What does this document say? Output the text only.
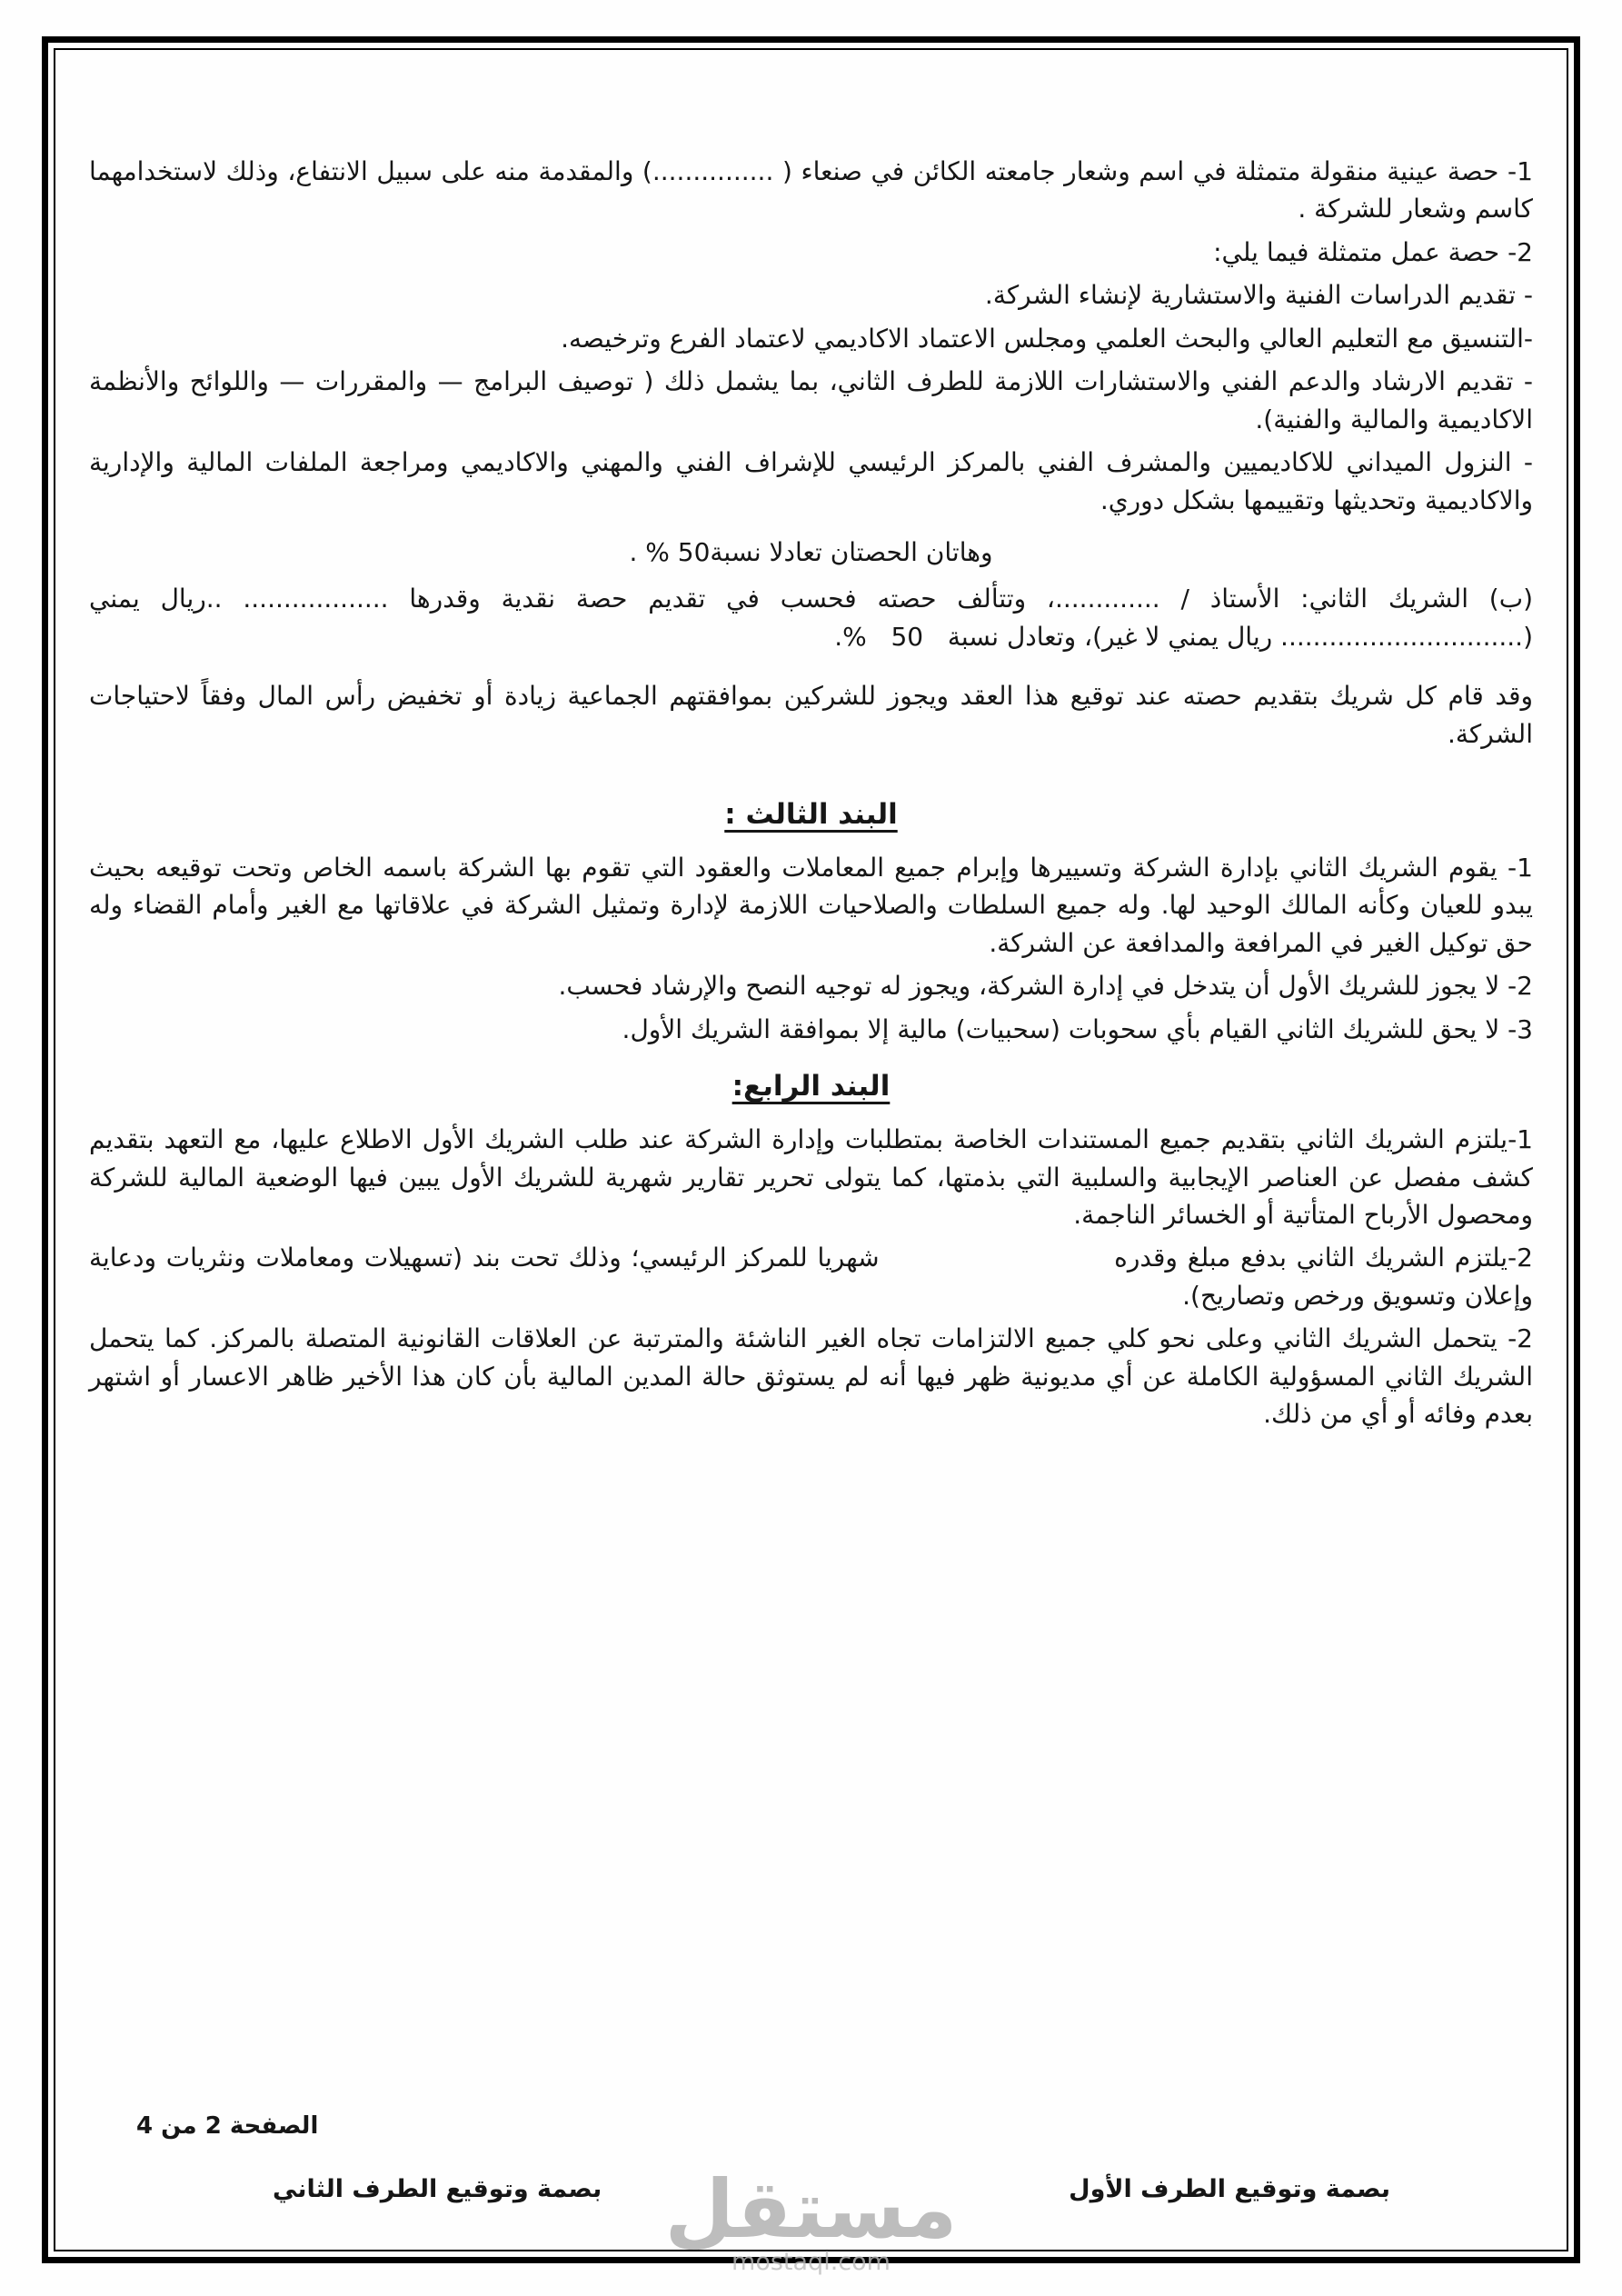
1- حصة عينية منقولة متمثلة في اسم وشعار جامعته الكائن في صنعاء ( ...............) والمقدمة منه على سبيل الانتفاع، وذلك لاستخدامهما كاسم وشعار للشركة .

2- حصة عمل متمثلة فيما يلي:

- تقديم الدراسات الفنية والاستشارية لإنشاء الشركة.

-التنسيق مع التعليم العالي والبحث العلمي ومجلس الاعتماد الاكاديمي لاعتماد الفرع وترخيصه.

- تقديم الارشاد والدعم الفني والاستشارات اللازمة للطرف الثاني، بما يشمل ذلك ( توصيف البرامج — والمقررات — واللوائح والأنظمة الاكاديمية والمالية والفنية).

- النزول الميداني للاكاديميين والمشرف الفني بالمركز الرئيسي للإشراف الفني والمهني والاكاديمي ومراجعة الملفات المالية والإدارية والاكاديمية وتحديثها وتقييمها بشكل دوري.

وهاتان الحصتان تعادلا نسبة50 % .

(ب) الشريك الثاني: الأستاذ / .............، وتتألف حصته فحسب في تقديم حصة نقدية وقدرها .................. ..ريال يمني (.............................. ريال يمني لا غير)، وتعادل نسبة   50   %.

وقد قام كل شريك بتقديم حصته عند توقيع هذا العقد ويجوز للشركين بموافقتهم الجماعية زيادة أو تخفيض رأس المال وفقاً لاحتياجات الشركة.

البند الثالث :

1- يقوم الشريك الثاني بإدارة الشركة وتسييرها وإبرام جميع المعاملات والعقود التي تقوم بها الشركة باسمه الخاص وتحت توقيعه بحيث يبدو للعيان وكأنه المالك الوحيد لها. وله جميع السلطات والصلاحيات اللازمة لإدارة وتمثيل الشركة في علاقاتها مع الغير وأمام القضاء وله حق توكيل الغير في المرافعة والمدافعة عن الشركة.

2- لا يجوز للشريك الأول أن يتدخل في إدارة الشركة، ويجوز له توجيه النصح والإرشاد فحسب.

3- لا يحق للشريك الثاني القيام بأي سحوبات (سحبيات) مالية إلا بموافقة الشريك الأول.

البند الرابع:

1-يلتزم الشريك الثاني بتقديم جميع المستندات الخاصة بمتطلبات وإدارة الشركة عند طلب الشريك الأول الاطلاع عليها، مع التعهد بتقديم كشف مفصل عن العناصر الإيجابية والسلبية التي بذمتها، كما يتولى تحرير تقارير شهرية للشريك الأول يبين فيها الوضعية المالية للشركة ومحصول الأرباح المتأتية أو الخسائر الناجمة.

2-يلتزم الشريك الثاني بدفع مبلغ وقدره                        شهريا للمركز الرئيسي؛ وذلك تحت بند (تسهيلات ومعاملات ونثريات ودعاية وإعلان وتسويق ورخص وتصاريح).

2- يتحمل الشريك الثاني وعلى نحو كلي جميع الالتزامات تجاه الغير الناشئة والمترتبة عن العلاقات القانونية المتصلة بالمركز. كما يتحمل الشريك الثاني المسؤولية الكاملة عن أي مديونية ظهر فيها أنه لم يستوثق حالة المدين المالية بأن كان هذا الأخير ظاهر الاعسار أو اشتهر بعدم وفائه أو أي من ذلك.

الصفحة 2 من 4
بصمة وتوقيع الطرف الأول
بصمة وتوقيع الطرف الثاني مستقل
mostaql.com
